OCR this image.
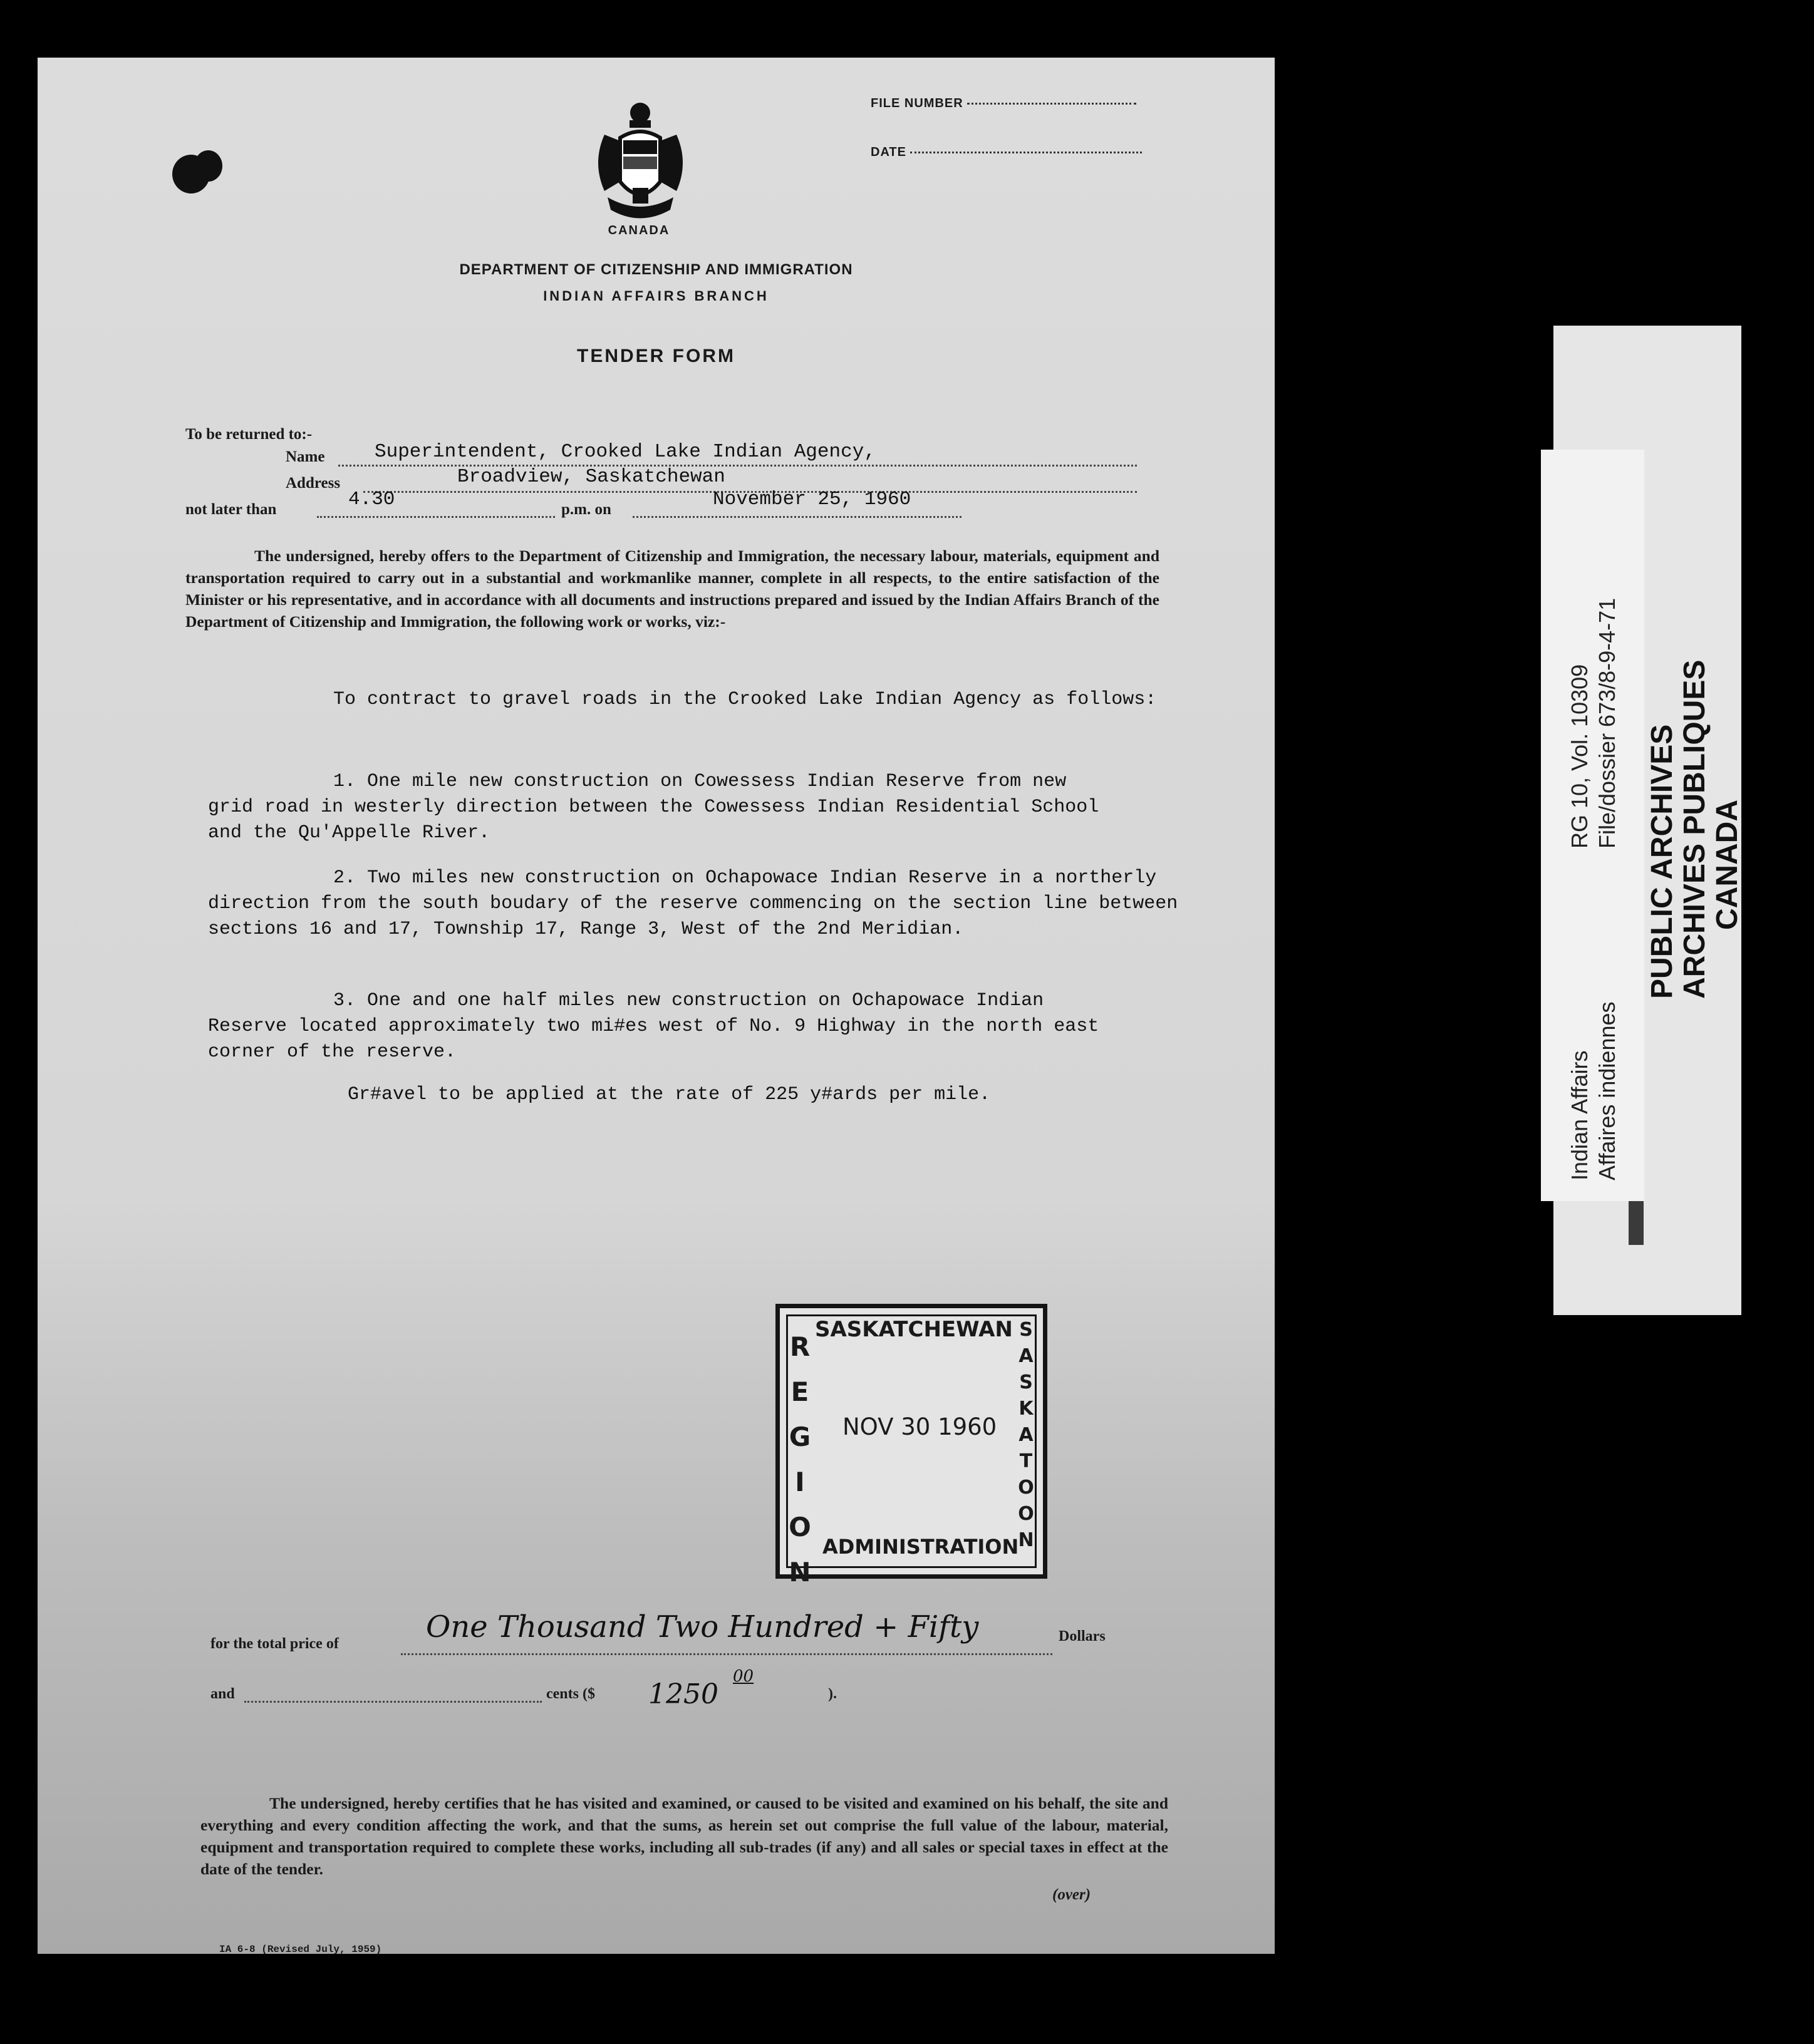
CANADA
FILE NUMBER
DATE
DEPARTMENT OF CITIZENSHIP AND IMMIGRATION
INDIAN AFFAIRS BRANCH
TENDER FORM
To be returned to:-
Name	Superintendent, Crooked Lake Indian Agency,
Address	Broadview, Saskatchewan
not later than	4.30	p.m. on	November 25, 1960

The undersigned, hereby offers to the Department of Citizenship and Immigration, the necessary labour, materials, equipment and transportation required to carry out in a substantial and workmanlike manner, complete in all respects, to the entire satisfaction of the Minister or his representative, and in accordance with all documents and instructions prepared and issued by the Indian Affairs Branch of the Department of Citizenship and Immigration, the following work or works, viz:-

To contract to gravel roads in the Crooked Lake Indian Agency as follows:

1. One mile new construction on Cowessess Indian Reserve from new grid road in westerly direction between the Cowessess Indian Residential School and the Qu'Appelle River.

2. Two miles new construction on Ochapowace Indian Reserve in a northerly direction from the south boudary of the reserve commencing on the section line between sections 16 and 17, Township 17, Range 3, West of the 2nd Meridian.

3. One and one half miles new construction on Ochapowace Indian Reserve located approximately two mi#es west of No. 9 Highway in the north east corner of the reserve.

Gr#avel to be applied at the rate of 225 y#ards per mile.

SASKATCHEWAN
REGION
SASKATOON
NOV 30 1960
ADMINISTRATION
for the total price of	One Thousand Two Hundred + Fifty	Dollars
and	cents ($ 1250
00
).

The undersigned, hereby certifies that he has visited and examined, or caused to be visited and examined on his behalf, the site and everything and every condition affecting the work, and that the sums, as herein set out comprise the full value of the labour, material, equipment and transportation required to complete these works, including all sub-trades (if any) and all sales or special taxes in effect at the date of the tender.

(over)
IA 6-8 (Revised July, 1959)
Indian Affairs Affaires indiennes
RG 10, Vol. 10309 File/dossier 673/8-9-4-71
PUBLIC ARCHIVES ARCHIVES PUBLIQUES CANADA
